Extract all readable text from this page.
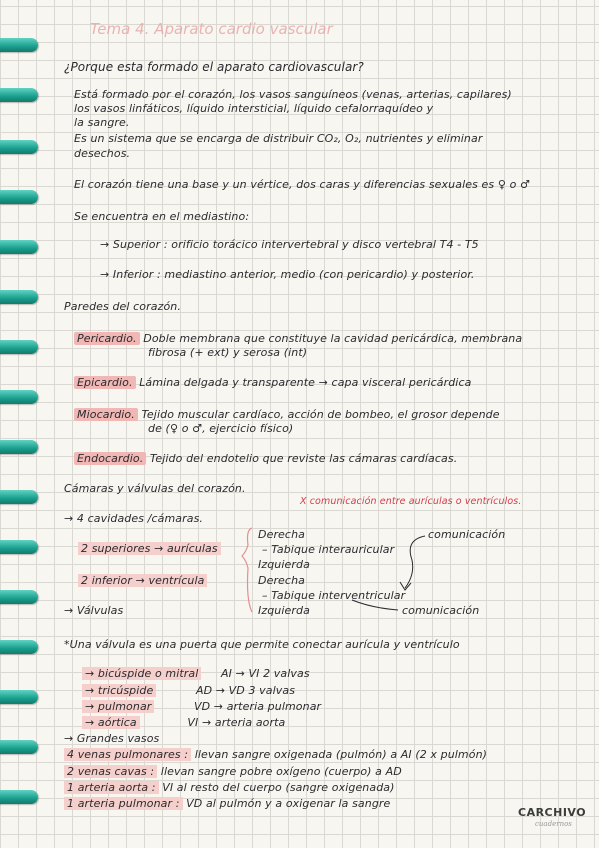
Tema 4. Aparato cardio vascular
¿Porque esta formado el aparato cardiovascular?
Está formado por el corazón, los vasos sanguíneos (venas, arterias, capilares)
los vasos linfáticos, líquido intersticial, líquido cefalorraquídeo y
la sangre.
Es un sistema que se encarga de distribuir CO₂, O₂, nutrientes y eliminar
desechos.
El corazón tiene una base y un vértice, dos caras y diferencias sexuales es ♀ o ♂
Se encuentra en el mediastino:
→ Superior : orificio torácico intervertebral y disco vertebral T4 - T5
→ Inferior : mediastino anterior, medio (con pericardio) y posterior.
Paredes del corazón.
Pericardio. Doble membrana que constituye la cavidad pericárdica, membrana
fibrosa (+ ext) y serosa (int)
Epicardio. Lámina delgada y transparente → capa visceral pericárdica
Miocardio. Tejido muscular cardíaco, acción de bombeo, el grosor depende
de (♀ o ♂, ejercicio físico)
Endocardio. Tejido del endotelio que reviste las cámaras cardíacas.
Cámaras y válvulas del corazón.
X comunicación entre aurículas o ventrículos.
→ 4 cavidades /cámaras.
2 superiores → aurículas
2 inferior → ventrícula
Derecha
– Tabique interauricular
Izquierda
Derecha
– Tabique interventricular
Izquierda
comunicación
comunicación
→ Válvulas
*Una válvula es una puerta que permite conectar aurícula y ventrículo
→ bicúspide o mitral AI → VI 2 valvas
→ tricúspide	AD → VD 3 valvas
→ pulmonar	VD → arteria pulmonar
→ aórtica	VI → arteria aorta
→ Grandes vasos
4 venas pulmonares : llevan sangre oxigenada (pulmón) a AI (2 x pulmón)
2 venas cavas : llevan sangre pobre oxígeno (cuerpo) a AD
1 arteria aorta : VI al resto del cuerpo (sangre oxigenada)
1 arteria pulmonar : VD al pulmón y a oxigenar la sangre
CARCHIVO
cuadernos
